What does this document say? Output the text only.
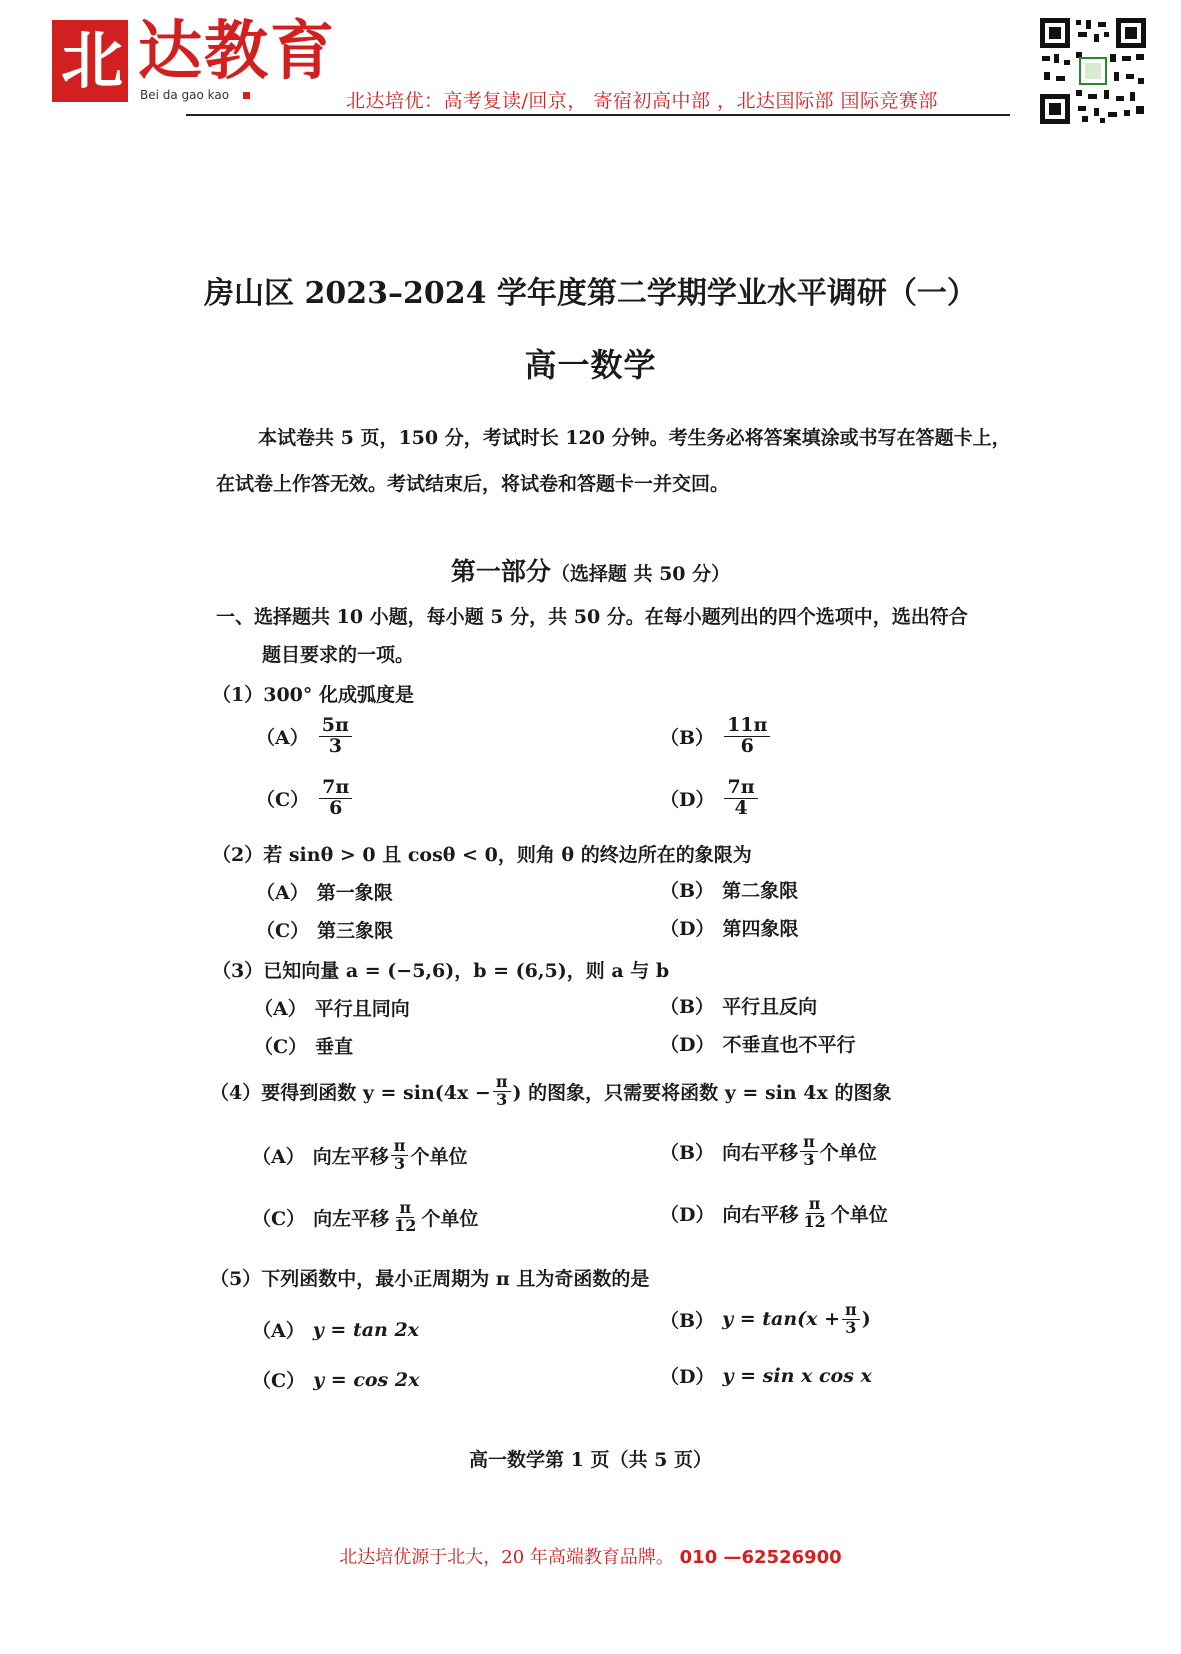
北 达教育
Bei da gao kao	北达培优：高考复读/回京， 寄宿初高中部 ，北达国际部 国际竞赛部
房山区 2023–2024 学年度第二学期学业水平调研（一）
高一数学
本试卷共 5 页，150 分，考试时长 120 分钟。考生务必将答案填涂或书写在答题卡上，
在试卷上作答无效。考试结束后，将试卷和答题卡一并交回。
第一部分（选择题 共 50 分）
一、选择题共 10 小题，每小题 5 分，共 50 分。在每小题列出的四个选项中，选出符合
题目要求的一项。
（1）300° 化成弧度是
$(A) \frac{5\pi}{3}$	$(B) \frac{11\pi}{6}$
$(C) \frac{7\pi}{6}$	$(D) \frac{7\pi}{4}$
（2）若 sinθ > 0 且 cosθ < 0，则角 θ 的终边所在的象限为
（A） 第一象限	（B） 第二象限
（C） 第三象限	（D） 第四象限
（3）已知向量 a = (−5,6)，b = (6,5)，则 a 与 b
（A） 平行且同向	（B） 平行且反向
（C） 垂直	（D） 不垂直也不平行
（4）要得到函数 $y = \sin(4x - \frac{\pi}{3}$ ) 的图象，只需要将函数 y = sin 4x 的图象
（A） 向左平移 $\frac{\pi}{3}$ 个单位	（B） 向右平移 $\frac{\pi}{3}$ 个单位
（C） 向左平移 $\frac{\pi}{12}$ 个单位	（D） 向右平移 $\frac{\pi}{12}$ 个单位
（5）下列函数中，最小正周期为 π 且为奇函数的是
（A） y = tan 2x	（B） $y = \tan(x + \frac{\pi}{3}$ )
（C） y = cos 2x	（D） y = sin x cos x
高一数学第 1 页（共 5 页）
北达培优源于北大，20 年高端教育品牌。 010 —62526900
